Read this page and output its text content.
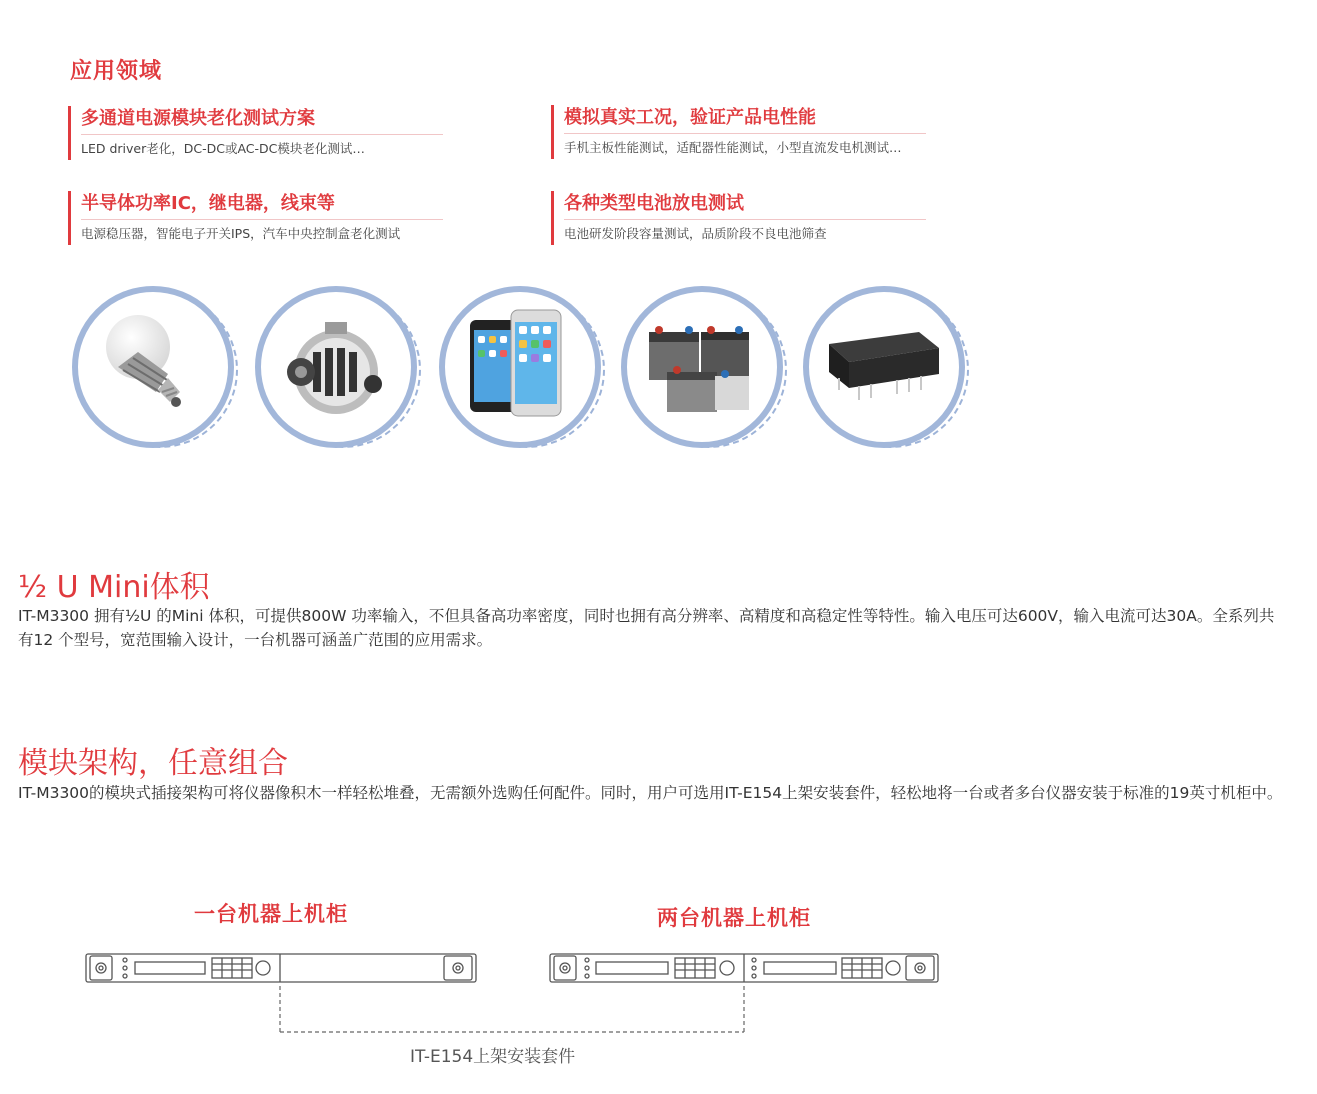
应用领域
多通道电源模块老化测试方案
LED driver老化，DC-DC或AC-DC模块老化测试…
模拟真实工况，验证产品电性能
手机主板性能测试，适配器性能测试，小型直流发电机测试…
半导体功率IC，继电器，线束等
电源稳压器，智能电子开关IPS，汽车中央控制盒老化测试
各种类型电池放电测试
电池研发阶段容量测试，品质阶段不良电池筛查
½ U Mini体积
IT-M3300 拥有½U 的Mini 体积，可提供800W 功率输入，不但具备高功率密度，同时也拥有高分辨率、高精度和高稳定性等特性。输入电压可达600V，输入电流可达30A。全系列共有12 个型号，宽范围输入设计，一台机器可涵盖广范围的应用需求。
模块架构，任意组合
IT-M3300的模块式插接架构可将仪器像积木一样轻松堆叠，无需额外选购任何配件。同时，用户可选用IT-E154上架安装套件，轻松地将一台或者多台仪器安装于标准的19英寸机柜中。
一台机器上机柜	两台机器上机柜
IT-E154上架安装套件
